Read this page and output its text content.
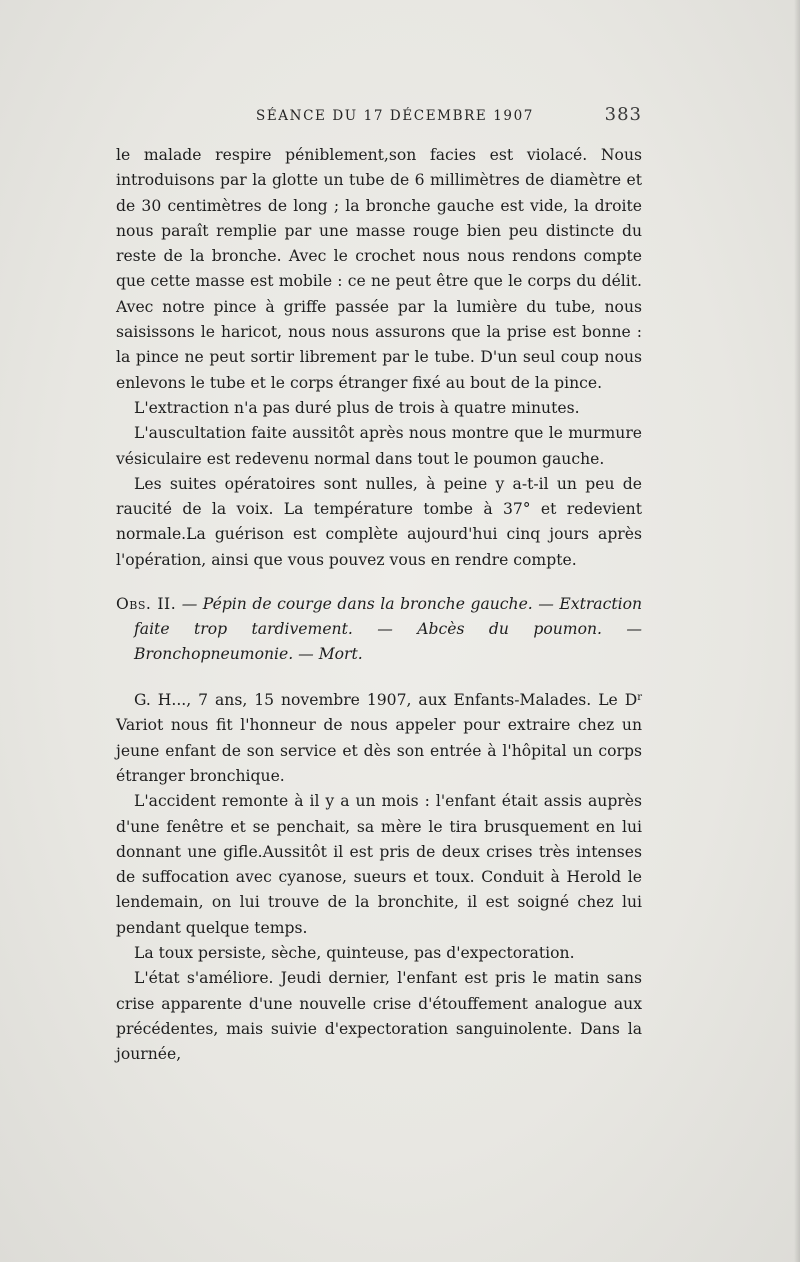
SÉANCE DU 17 DÉCEMBRE 1907	383

le malade respire péniblement,son facies est violacé. Nous introduisons par la glotte un tube de 6 millimètres de diamètre et de 30 centimètres de long ; la bronche gauche est vide, la droite nous paraît remplie par une masse rouge bien peu distincte du reste de la bronche. Avec le crochet nous nous rendons compte que cette masse est mobile : ce ne peut être que le corps du délit. Avec notre pince à griffe passée par la lumière du tube, nous saisissons le haricot, nous nous assurons que la prise est bonne : la pince ne peut sortir librement par le tube. D'un seul coup nous enlevons le tube et le corps étranger fixé au bout de la pince.

L'extraction n'a pas duré plus de trois à quatre minutes.

L'auscultation faite aussitôt après nous montre que le murmure vésiculaire est redevenu normal dans tout le poumon gauche.

Les suites opératoires sont nulles, à peine y a-t-il un peu de raucité de la voix. La température tombe à 37° et redevient normale.La guérison est complète aujourd'hui cinq jours après l'opération, ainsi que vous pouvez vous en rendre compte.

Obs. II. — Pépin de courge dans la bronche gauche. — Extraction faite trop tardivement. — Abcès du poumon. — Bronchopneumonie. — Mort.

G. H..., 7 ans, 15 novembre 1907, aux Enfants-Malades. Le $D^r$ Variot nous fit l'honneur de nous appeler pour extraire chez un jeune enfant de son service et dès son entrée à l'hôpital un corps étranger bronchique.

L'accident remonte à il y a un mois : l'enfant était assis auprès d'une fenêtre et se penchait, sa mère le tira brusquement en lui donnant une gifle.Aussitôt il est pris de deux crises très intenses de suffocation avec cyanose, sueurs et toux. Conduit à Herold le lendemain, on lui trouve de la bronchite, il est soigné chez lui pendant quelque temps.

La toux persiste, sèche, quinteuse, pas d'expectoration.

L'état s'améliore. Jeudi dernier, l'enfant est pris le matin sans crise apparente d'une nouvelle crise d'étouffement analogue aux précédentes, mais suivie d'expectoration sanguinolente. Dans la journée,
